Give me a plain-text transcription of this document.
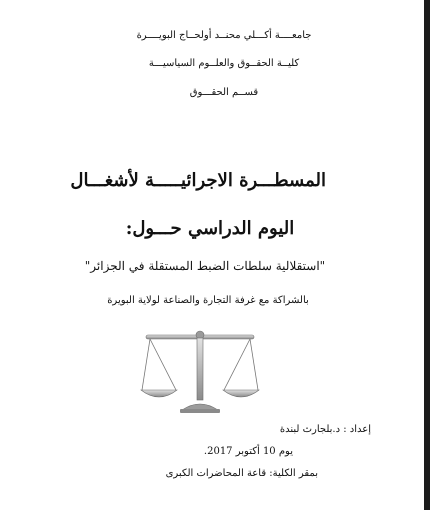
جامعــــة أكـــلي محنــد أولحــاج البويــــرة
كليــة الحقــوق والعلــوم السياسيـــة
قســم الحقـــوق
المسطـــرة الاجرائيـــــة لأشغـــال
اليوم الدراسي حـــول:
"استقلالية سلطات الضبط المستقلة في الجزائر"
بالشراكة مع غرفة التجارة والصناعة لولاية البويرة
إعداد : د.بلجارث لبندة
يوم 10 أكتوبر 2017.
بمقر الكلية: قاعة المحاضرات الكبرى
